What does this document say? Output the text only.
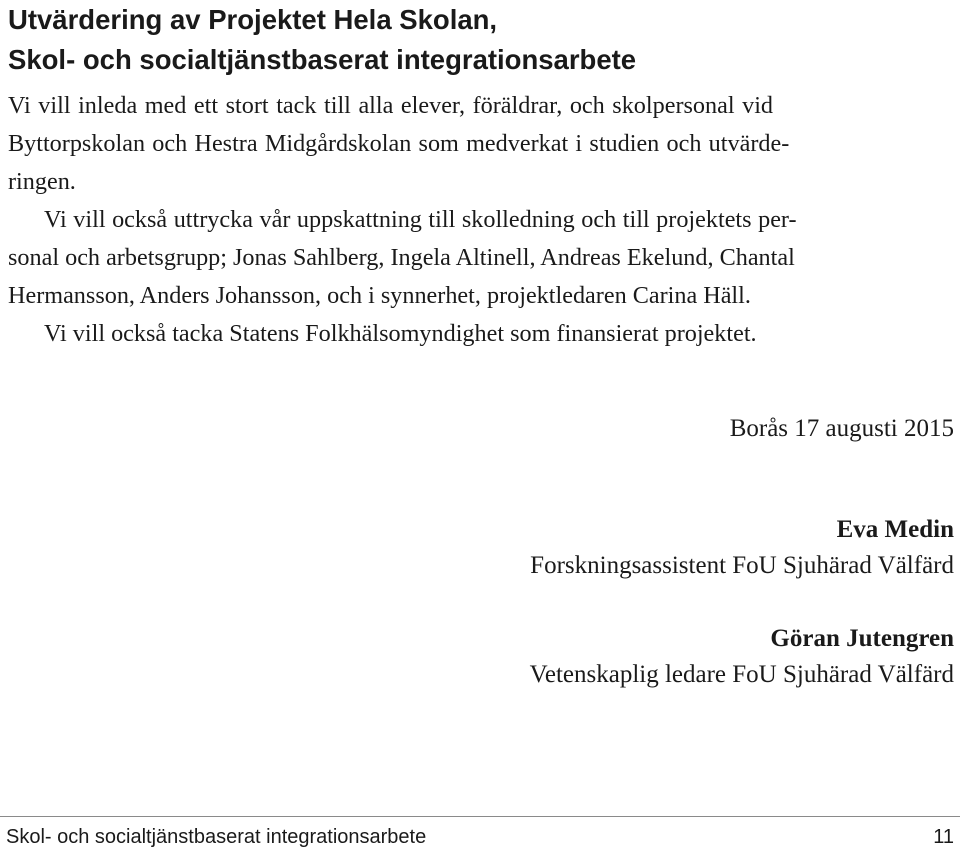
Utvärdering av Projektet Hela Skolan,
Skol- och socialtjänstbaserat integrationsarbete

Vi vill inleda med ett stort tack till alla elever, föräldrar, och skolpersonal vid
Byttorpskolan och Hestra Midgårdskolan som medverkat i studien och utvärde-
ringen.

Vi vill också uttrycka vår uppskattning till skolledning och till projektets per-
sonal och arbetsgrupp; Jonas Sahlberg, Ingela Altinell, Andreas Ekelund, Chantal
Hermansson, Anders Johansson, och i synnerhet, projektledaren Carina Häll.
Vi vill också tacka Statens Folkhälsomyndighet som finansierat projektet.

Borås 17 augusti 2015
Eva Medin
Forskningsassistent FoU Sjuhärad Välfärd
Göran Jutengren
Vetenskaplig ledare FoU Sjuhärad Välfärd
Skol- och socialtjänstbaserat integrationsarbete	11
